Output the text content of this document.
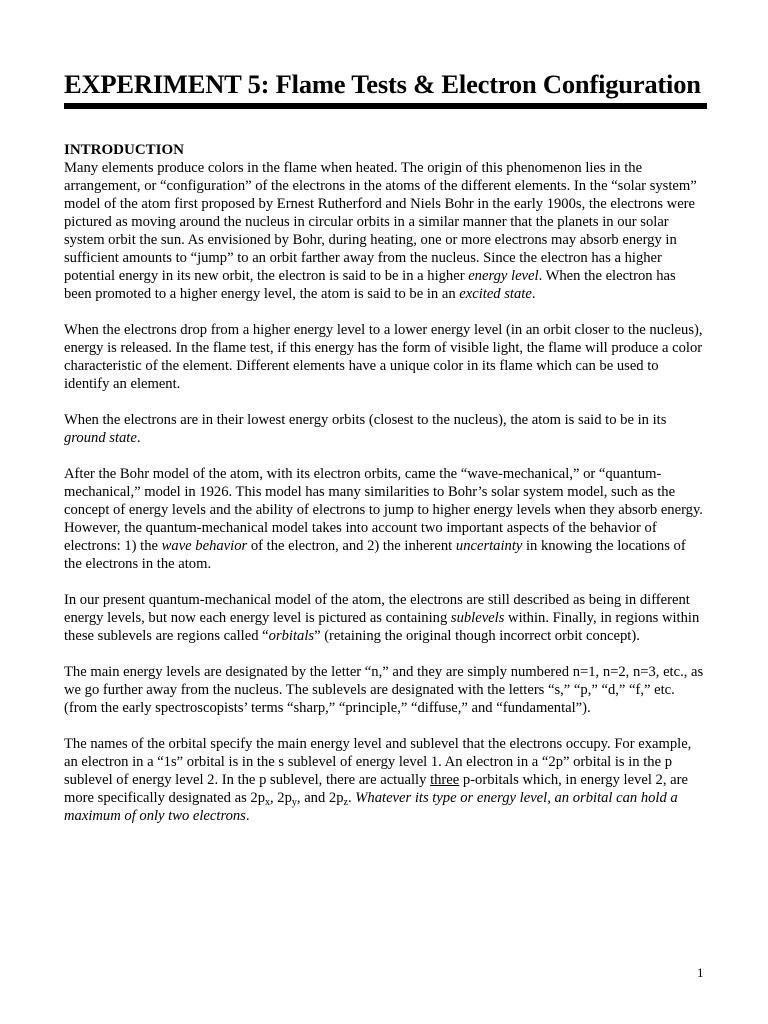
EXPERIMENT 5: Flame Tests & Electron Configuration
INTRODUCTION

Many elements produce colors in the flame when heated. The origin of this phenomenon lies in the arrangement, or “configuration” of the electrons in the atoms of the different elements. In the “solar system” model of the atom first proposed by Ernest Rutherford and Niels Bohr in the early 1900s, the electrons were pictured as moving around the nucleus in circular orbits in a similar manner that the planets in our solar system orbit the sun. As envisioned by Bohr, during heating, one or more electrons may absorb energy in sufficient amounts to “jump” to an orbit farther away from the nucleus. Since the electron has a higher potential energy in its new orbit, the electron is said to be in a higher energy level. When the electron has been promoted to a higher energy level, the atom is said to be in an excited state.

When the electrons drop from a higher energy level to a lower energy level (in an orbit closer to the nucleus), energy is released. In the flame test, if this energy has the form of visible light, the flame will produce a color characteristic of the element. Different elements have a unique color in its flame which can be used to identify an element.

When the electrons are in their lowest energy orbits (closest to the nucleus), the atom is said to be in its ground state.

After the Bohr model of the atom, with its electron orbits, came the “wave-mechanical,” or “quantum-mechanical,” model in 1926. This model has many similarities to Bohr’s solar system model, such as the concept of energy levels and the ability of electrons to jump to higher energy levels when they absorb energy. However, the quantum-mechanical model takes into account two important aspects of the behavior of electrons: 1) the wave behavior of the electron, and 2) the inherent uncertainty in knowing the locations of the electrons in the atom.

In our present quantum-mechanical model of the atom, the electrons are still described as being in different energy levels, but now each energy level is pictured as containing sublevels within. Finally, in regions within these sublevels are regions called “orbitals” (retaining the original though incorrect orbit concept).

The main energy levels are designated by the letter “n,” and they are simply numbered n=1, n=2, n=3, etc., as we go further away from the nucleus. The sublevels are designated with the letters “s,” “p,” “d,” “f,” etc. (from the early spectroscopists’ terms “sharp,” “principle,” “diffuse,” and “fundamental”).

The names of the orbital specify the main energy level and sublevel that the electrons occupy. For example, an electron in a “1s” orbital is in the s sublevel of energy level 1. An electron in a “2p” orbital is in the p sublevel of energy level 2. In the p sublevel, there are actually three p-orbitals which, in energy level 2, are more specifically designated as $2p_x$, $2p_y$, and $2p_z$. Whatever its type or energy level, an orbital can hold a maximum of only two electrons.

1
